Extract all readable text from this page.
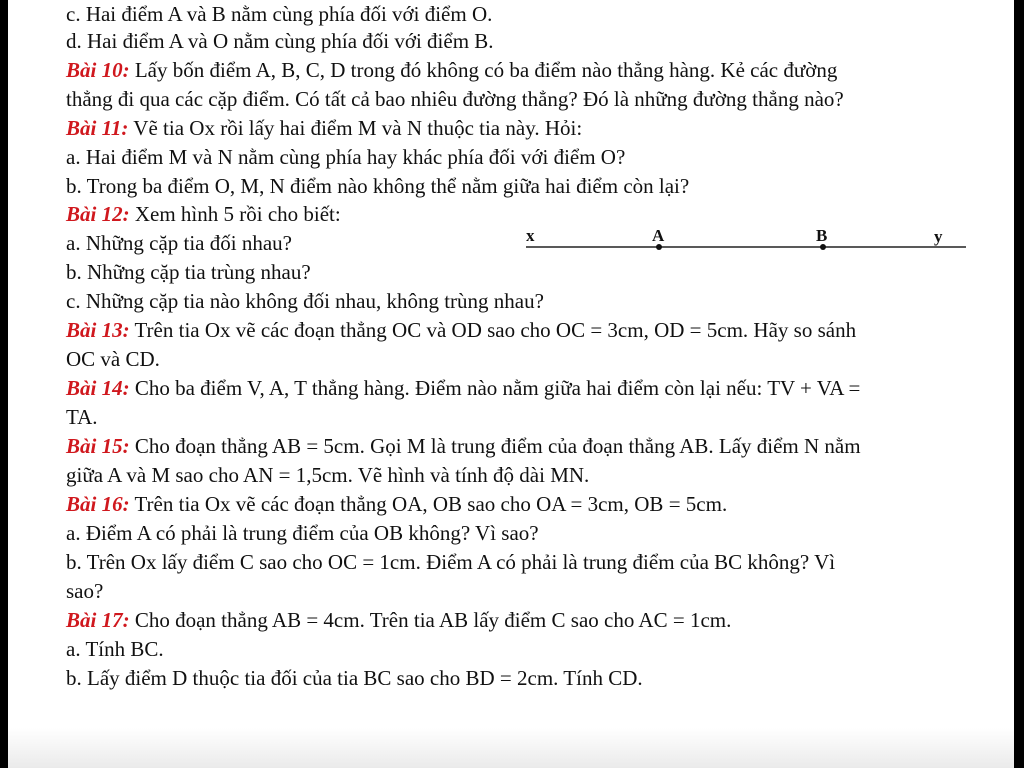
c. Hai điểm A và B nằm cùng phía đối với điểm O.
d. Hai điểm A và O nằm cùng phía đối với điểm B.
Bài 10: Lấy bốn điểm A, B, C, D trong đó không có ba điểm nào thẳng hàng. Kẻ các đường
thẳng đi qua các cặp điểm. Có tất cả bao nhiêu đường thẳng? Đó là những đường thẳng nào?
Bài 11: Vẽ tia Ox rồi lấy hai điểm M và N thuộc tia này. Hỏi:
a. Hai điểm M và N nằm cùng phía hay khác phía đối với điểm O?
b. Trong ba điểm O, M, N điểm nào không thể nằm giữa hai điểm còn lại?
Bài 12: Xem hình 5 rồi cho biết:
a. Những cặp tia đối nhau?
b. Những cặp tia trùng nhau?
c. Những cặp tia nào không đối nhau, không trùng nhau?
Bài 13: Trên tia Ox vẽ các đoạn thẳng OC và OD sao cho OC = 3cm, OD = 5cm. Hãy so sánh
OC và CD.
Bài 14: Cho ba điểm V, A, T thẳng hàng. Điểm nào nằm giữa hai điểm còn lại nếu: TV + VA =
TA.
Bài 15: Cho đoạn thẳng AB = 5cm. Gọi M là trung điểm của đoạn thẳng AB. Lấy điểm N nằm
giữa A và M sao cho AN = 1,5cm. Vẽ hình và tính độ dài MN.
Bài 16: Trên tia Ox vẽ các đoạn thẳng OA, OB sao cho OA = 3cm, OB = 5cm.
a. Điểm A có phải là trung điểm của OB không? Vì sao?
b. Trên Ox lấy điểm C sao cho OC = 1cm. Điểm A có phải là trung điểm của BC không? Vì
sao?
Bài 17: Cho đoạn thẳng AB = 4cm. Trên tia AB lấy điểm C sao cho AC = 1cm.
a. Tính BC.
b. Lấy điểm D thuộc tia đối của tia BC sao cho BD = 2cm. Tính CD.
x	A	B	y
